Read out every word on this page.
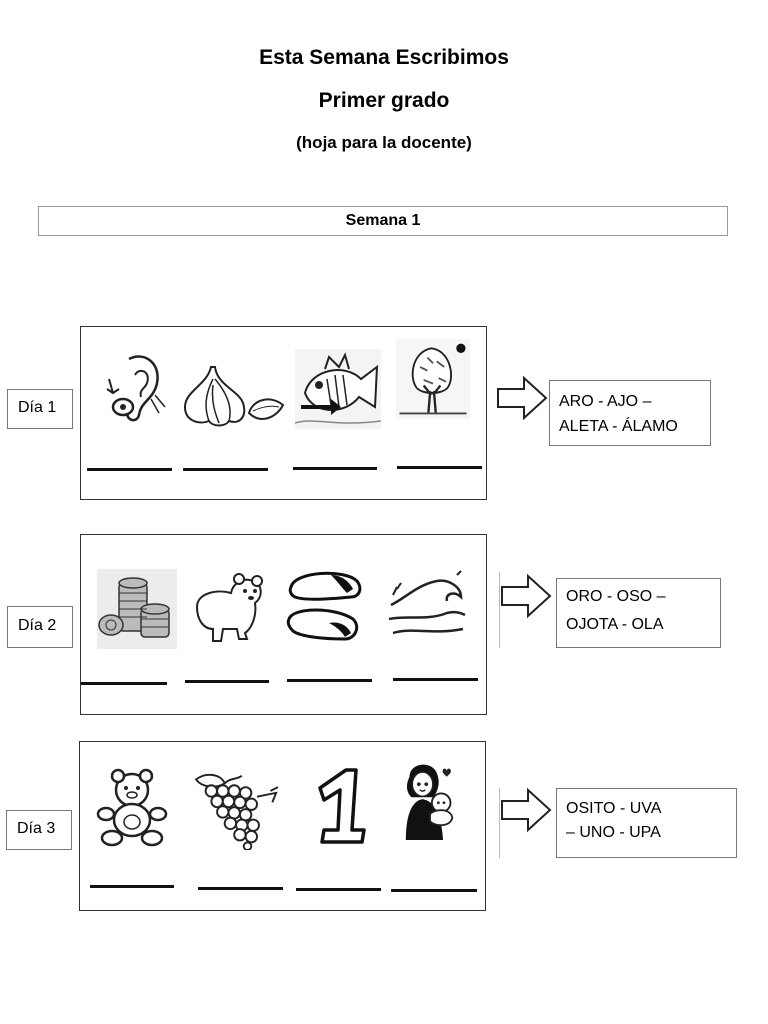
Esta Semana Escribimos
Primer grado
(hoja para la docente)
Semana 1
Día 1	ARO - AJO –
ALETA - ÁLAMO
Día 2
ORO - OSO –
OJOTA - OLA
Día 3
OSITO - UVA
– UNO - UPA
